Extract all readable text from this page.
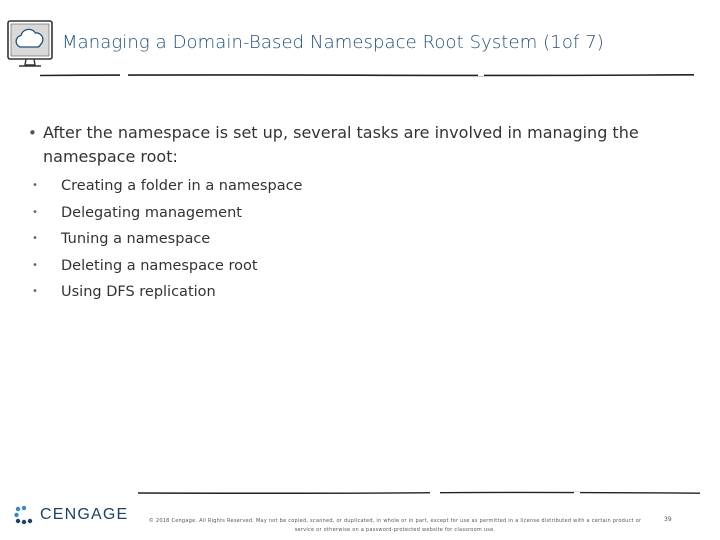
Managing a Domain-Based Namespace Root System (1of 7)
• After the namespace is set up, several tasks are involved in managing the namespace root:
•	Creating a folder in a namespace
•	Delegating management
•	Tuning a namespace
•	Deleting a namespace root
•	Using DFS replication
CENGAGE	© 2018 Cengage. All Rights Reserved. May not be copied, scanned, or duplicated, in whole or in part, except for use as permitted in a license distributed with a certain product or service or otherwise on a password-protected website for classroom use.
39
